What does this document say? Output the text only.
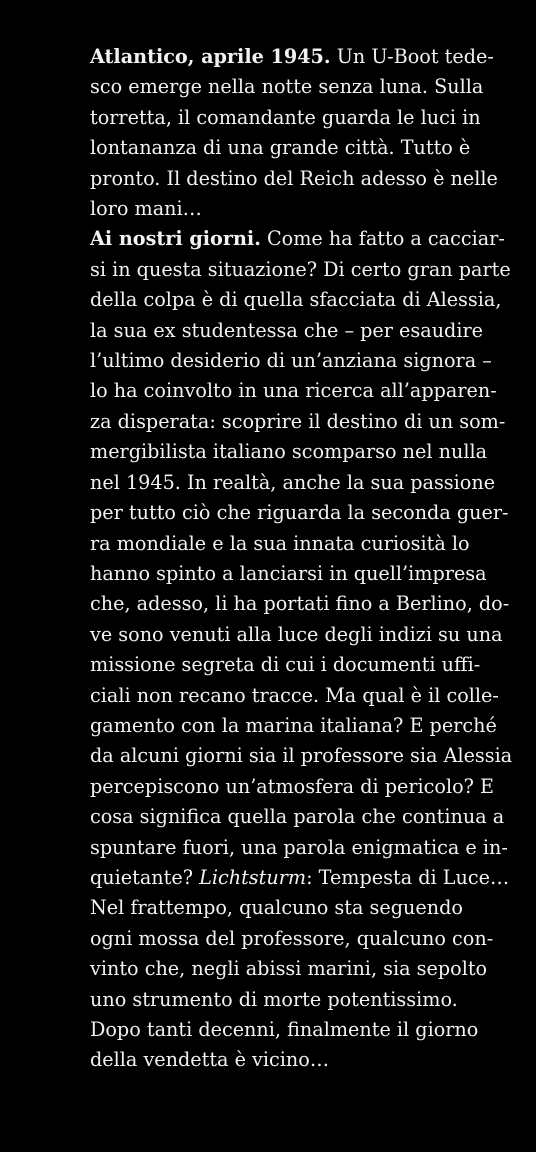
Atlantico, aprile 1945. Un U-Boot tede-
sco emerge nella notte senza luna. Sulla
torretta, il comandante guarda le luci in
lontananza di una grande città. Tutto è
pronto. Il destino del Reich adesso è nelle
loro mani…
Ai nostri giorni. Come ha fatto a cacciar-
si in questa situazione? Di certo gran parte
della colpa è di quella sfacciata di Alessia,
la sua ex studentessa che – per esaudire
l’ultimo desiderio di un’anziana signora –
lo ha coinvolto in una ricerca all’apparen-
za disperata: scoprire il destino di un som-
mergibilista italiano scomparso nel nulla
nel 1945. In realtà, anche la sua passione
per tutto ciò che riguarda la seconda guer-
ra mondiale e la sua innata curiosità lo
hanno spinto a lanciarsi in quell’impresa
che, adesso, li ha portati fino a Berlino, do-
ve sono venuti alla luce degli indizi su una
missione segreta di cui i documenti uffi-
ciali non recano tracce. Ma qual è il colle-
gamento con la marina italiana? E perché
da alcuni giorni sia il professore sia Alessia
percepiscono un’atmosfera di pericolo? E
cosa significa quella parola che continua a
spuntare fuori, una parola enigmatica e in-
quietante? Lichtsturm: Tempesta di Luce…
Nel frattempo, qualcuno sta seguendo
ogni mossa del professore, qualcuno con-
vinto che, negli abissi marini, sia sepolto
uno strumento di morte potentissimo.
Dopo tanti decenni, finalmente il giorno
della vendetta è vicino…
